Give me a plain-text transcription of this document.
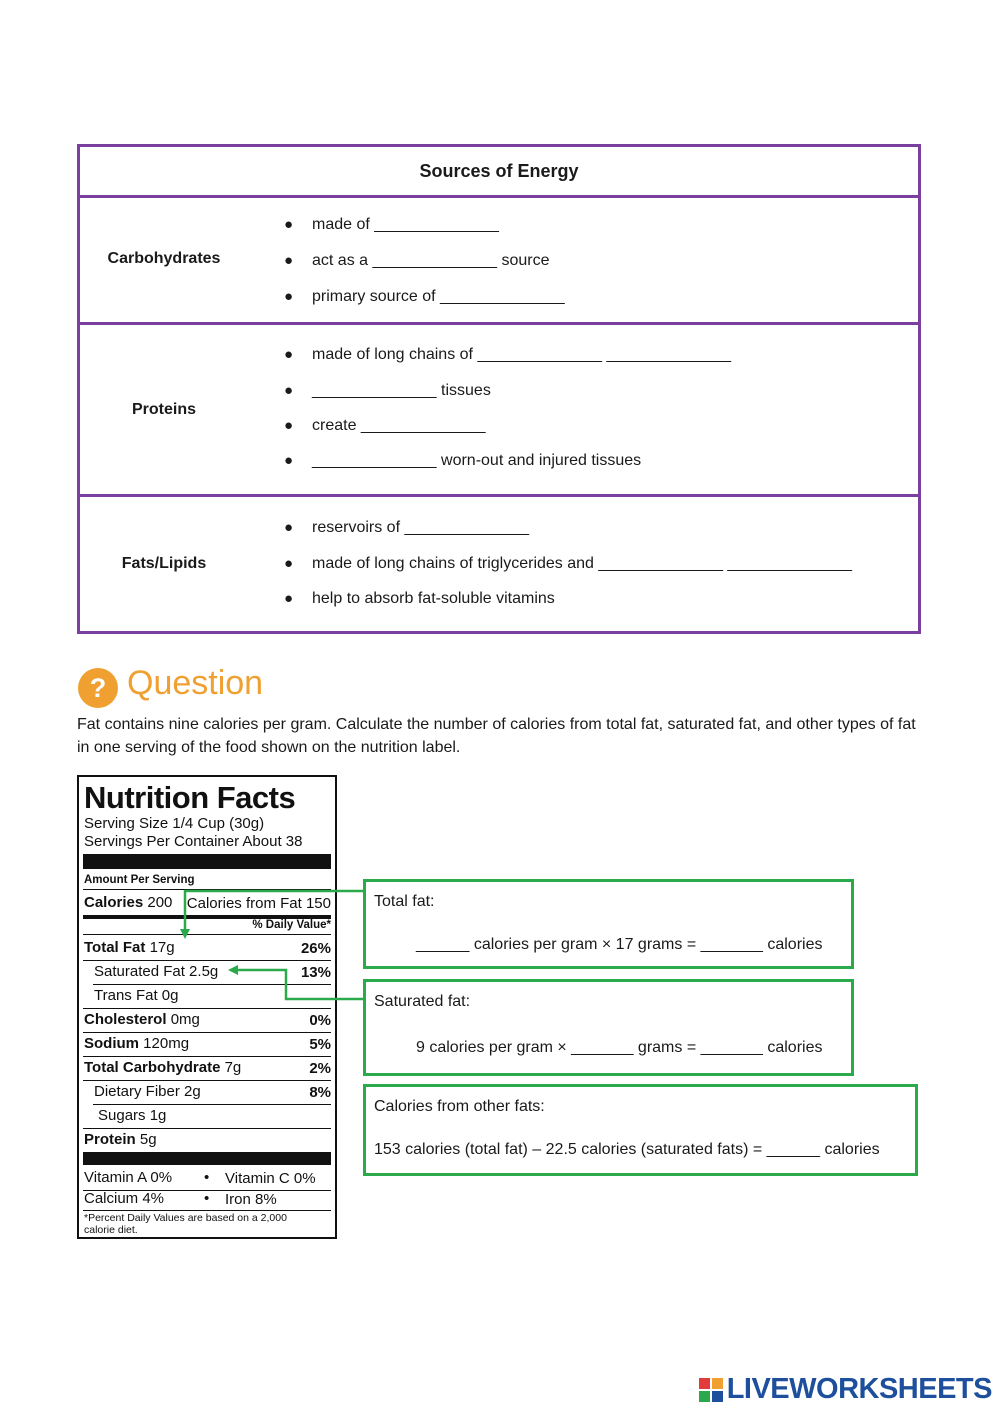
Sources of Energy
Carbohydrates
● made of ______________
● act as a ______________ source
● primary source of ______________
Proteins
● made of long chains of ______________ ______________
● ______________ tissues
● create ______________
● ______________ worn-out and injured tissues
Fats/Lipids
● reservoirs of ______________
● made of long chains of triglycerides and ______________ ______________
● help to absorb fat-soluble vitamins
? Question

Fat contains nine calories per gram. Calculate the number of calories from total fat, saturated fat, and other types of fat in one serving of the food shown on the nutrition label.

Nutrition Facts
Serving Size 1/4 Cup (30g)
Servings Per Container About 38
Amount Per Serving
Calories 200 Calories from Fat 150
% Daily Value*
Total Fat 17g	26%
Saturated Fat 2.5g	13%
Trans Fat 0g
Cholesterol 0mg	0%
Sodium 120mg	5%
Total Carbohydrate 7g	2%
Dietary Fiber 2g	8%
Sugars 1g
Protein 5g
Vitamin A 0% • Vitamin C 0%
Calcium 4%	• Iron 8%
*Percent Daily Values are based on a 2,000
calorie diet.
Total fat:
______ calories per gram × 17 grams = _______ calories
Saturated fat:
9 calories per gram × _______ grams = _______ calories
Calories from other fats:
153 calories (total fat) – 22.5 calories (saturated fats) = ______ calories
LIVEWORKSHEETS
